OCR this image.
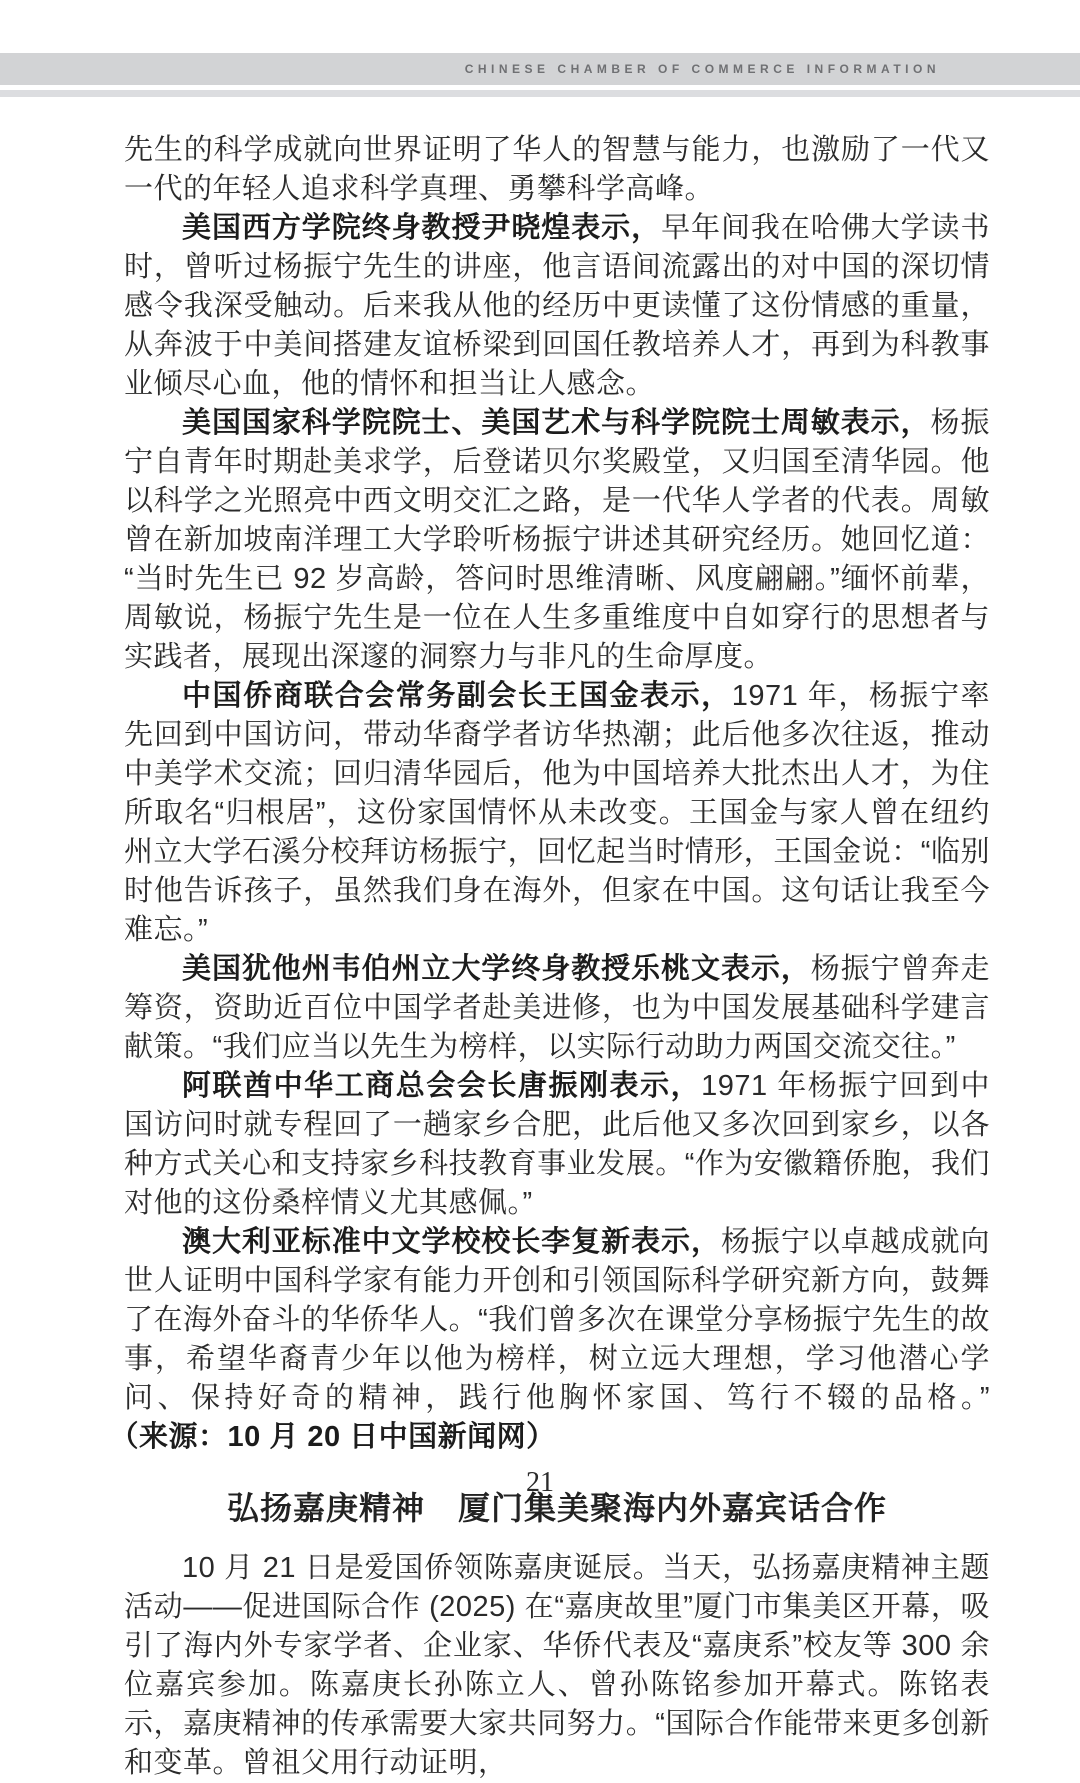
CHINESE CHAMBER OF COMMERCE INFORMATION

先生的科学成就向世界证明了华人的智慧与能力，也激励了一代又一代的年轻人追求科学真理、勇攀科学高峰。

美国西方学院终身教授尹晓煌表示，早年间我在哈佛大学读书时，曾听过杨振宁先生的讲座，他言语间流露出的对中国的深切情感令我深受触动。后来我从他的经历中更读懂了这份情感的重量，从奔波于中美间搭建友谊桥梁到回国任教培养人才，再到为科教事业倾尽心血，他的情怀和担当让人感念。

美国国家科学院院士、美国艺术与科学院院士周敏表示，杨振宁自青年时期赴美求学，后登诺贝尔奖殿堂，又归国至清华园。他以科学之光照亮中西文明交汇之路，是一代华人学者的代表。周敏曾在新加坡南洋理工大学聆听杨振宁讲述其研究经历。她回忆道：“当时先生已 92 岁高龄，答问时思维清晰、风度翩翩。”缅怀前辈，周敏说，杨振宁先生是一位在人生多重维度中自如穿行的思想者与实践者，展现出深邃的洞察力与非凡的生命厚度。

中国侨商联合会常务副会长王国金表示，1971 年，杨振宁率先回到中国访问，带动华裔学者访华热潮；此后他多次往返，推动中美学术交流；回归清华园后，他为中国培养大批杰出人才，为住所取名“归根居”，这份家国情怀从未改变。王国金与家人曾在纽约州立大学石溪分校拜访杨振宁，回忆起当时情形，王国金说：“临别时他告诉孩子，虽然我们身在海外，但家在中国。这句话让我至今难忘。”

美国犹他州韦伯州立大学终身教授乐桃文表示，杨振宁曾奔走筹资，资助近百位中国学者赴美进修，也为中国发展基础科学建言献策。“我们应当以先生为榜样，以实际行动助力两国交流交往。”

阿联酋中华工商总会会长唐振刚表示，1971 年杨振宁回到中国访问时就专程回了一趟家乡合肥，此后他又多次回到家乡，以各种方式关心和支持家乡科技教育事业发展。“作为安徽籍侨胞，我们对他的这份桑梓情义尤其感佩。”

澳大利亚标准中文学校校长李复新表示，杨振宁以卓越成就向世人证明中国科学家有能力开创和引领国际科学研究新方向，鼓舞了在海外奋斗的华侨华人。“我们曾多次在课堂分享杨振宁先生的故事，希望华裔青少年以他为榜样，树立远大理想，学习他潜心学问、保持好奇的精神，践行他胸怀家国、笃行不辍的品格。”　（来源：10 月 20 日中国新闻网）

弘扬嘉庚精神　厦门集美聚海内外嘉宾话合作

10 月 21 日是爱国侨领陈嘉庚诞辰。当天，弘扬嘉庚精神主题活动——促进国际合作 (2025) 在“嘉庚故里”厦门市集美区开幕，吸引了海内外专家学者、企业家、华侨代表及“嘉庚系”校友等 300 余位嘉宾参加。陈嘉庚长孙陈立人、曾孙陈铭参加开幕式。陈铭表示，嘉庚精神的传承需要大家共同努力。“国际合作能带来更多创新和变革。曾祖父用行动证明，

21
